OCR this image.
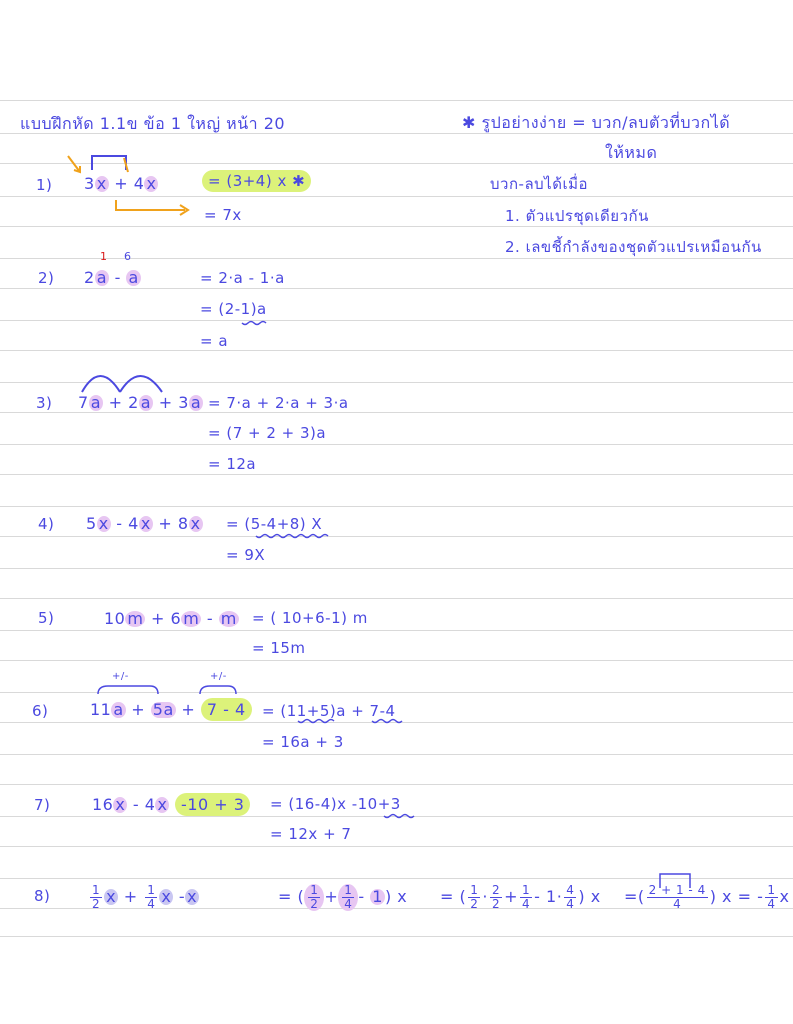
แบบฝึกหัด 1.1ข ข้อ 1 ใหญ่ หน้า 20	✱ รูปอย่างง่าย = บวก/ลบตัวที่บวกได้
ให้หมด
บวก-ลบได้เมื่อ
1. ตัวแปรชุดเดียวกัน
2. เลขชี้กำลังของชุดตัวแปรเหมือนกัน
1) 3 x + 4 x	= (3+4) x ✱
= 7x
1 6
2) 2 a - a	= 2·a - 1·a
= (2-1)a
= a
3) 7 a + 2 a + 3 a = 7·a + 2·a + 3·a
= (7 + 2 + 3)a
= 12a
4) 5 x - 4 x + 8 x = (5-4+8) X
= 9X
5)	10 m + 6 m - m = ( 10+6-1) m
= 15m
+/-	+/-
6)	11 a + 5a + 7 - 4	= (11+5)a + 7-4
= 16a + 3
7)	16 x - 4 x -10 + 3	= (16-4)x -10+3
= 12x + 7
8)	$\frac{1}{2}$ $x + \frac{1}{4}$ x - x	= ( $\frac{1}{2} + \frac{1}{4} - 1$ ) x = ( $\frac{1}{2} \cdot \frac{2}{2} + \frac{1}{4} - 1\cdot \frac{4}{4}$ ) x =( $\frac{2 + 1 - 4}{4}$ ) x = - $\frac{1}{4}$ x
